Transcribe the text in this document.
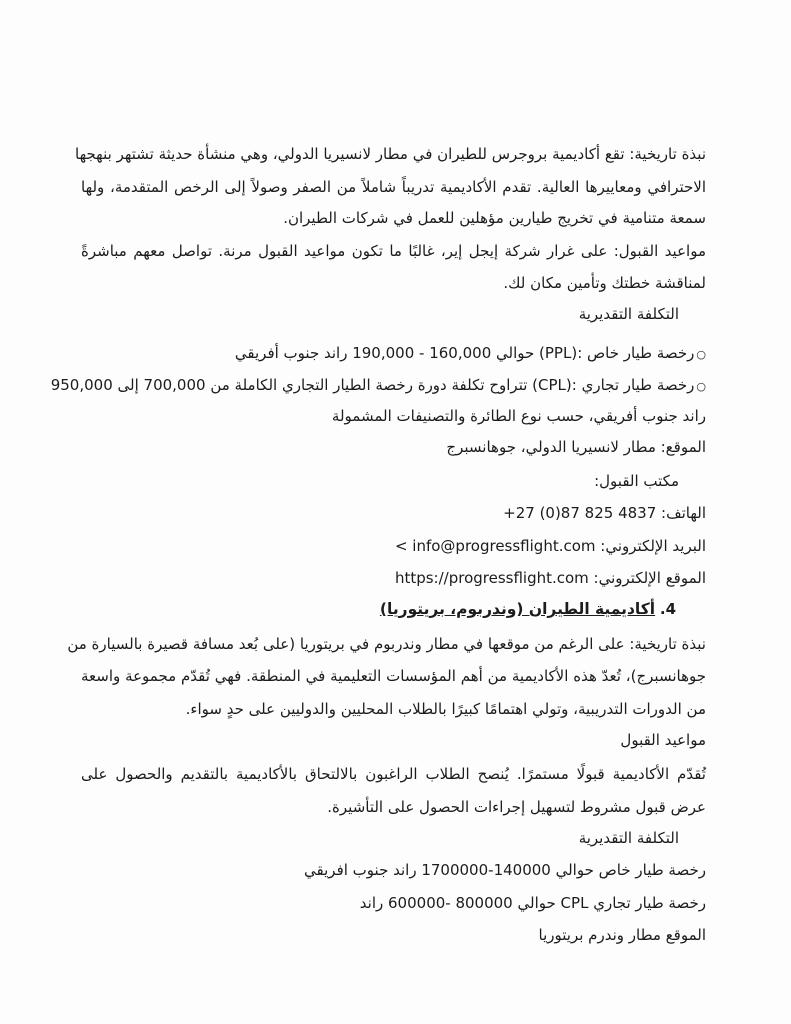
نبذة تاريخية: تقع أكاديمية بروجرس للطيران في مطار لانسيريا الدولي، وهي منشأة حديثة تشتهر بنهجها
الاحترافي ومعاييرها العالية. تقدم الأكاديمية تدريباً شاملاً من الصفر وصولاً إلى الرخص المتقدمة، ولها
سمعة متنامية في تخريج طيارين مؤهلين للعمل في شركات الطيران.
مواعيد القبول: على غرار شركة إيجل إير، غالبًا ما تكون مواعيد القبول مرنة. تواصل معهم مباشرةً
لمناقشة خطتك وتأمين مكان لك.
التكلفة التقديرية
○رخصة طيار خاص :(PPL) حوالي 160,000 - 190,000 راند جنوب أفريقي
○رخصة طيار تجاري :(CPL) تتراوح تكلفة دورة رخصة الطيار التجاري الكاملة من 700,000 إلى 950,000
راند جنوب أفريقي، حسب نوع الطائرة والتصنيفات المشمولة
الموقع: مطار لانسيريا الدولي، جوهانسبرج
مكتب القبول:
الهاتف: +27 (0)87 825 4837
البريد الإلكتروني< info@progressflight.com :
الموقع الإلكترونيhttps://progressflight.com :
4. أكاديمية الطيران (وندربوم، بريتوريا)
نبذة تاريخية: على الرغم من موقعها في مطار وندربوم في بريتوريا (على بُعد مسافة قصيرة بالسيارة من
جوهانسبرج)، تُعدّ هذه الأكاديمية من أهم المؤسسات التعليمية في المنطقة. فهي تُقدّم مجموعة واسعة
من الدورات التدريبية، وتولي اهتمامًا كبيرًا بالطلاب المحليين والدوليين على حدٍ سواء.
مواعيد القبول
تُقدّم الأكاديمية قبولًا مستمرًا. يُنصح الطلاب الراغبون بالالتحاق بالأكاديمية بالتقديم والحصول على
عرض قبول مشروط لتسهيل إجراءات الحصول على التأشيرة.
التكلفة التقديرية
رخصة طيار خاص حوالي 140000-1700000 راند جنوب افريقي
رخصة طيار تجاري CPL حوالي 800000 -600000 راند
الموقع مطار وندرم بريتوريا
